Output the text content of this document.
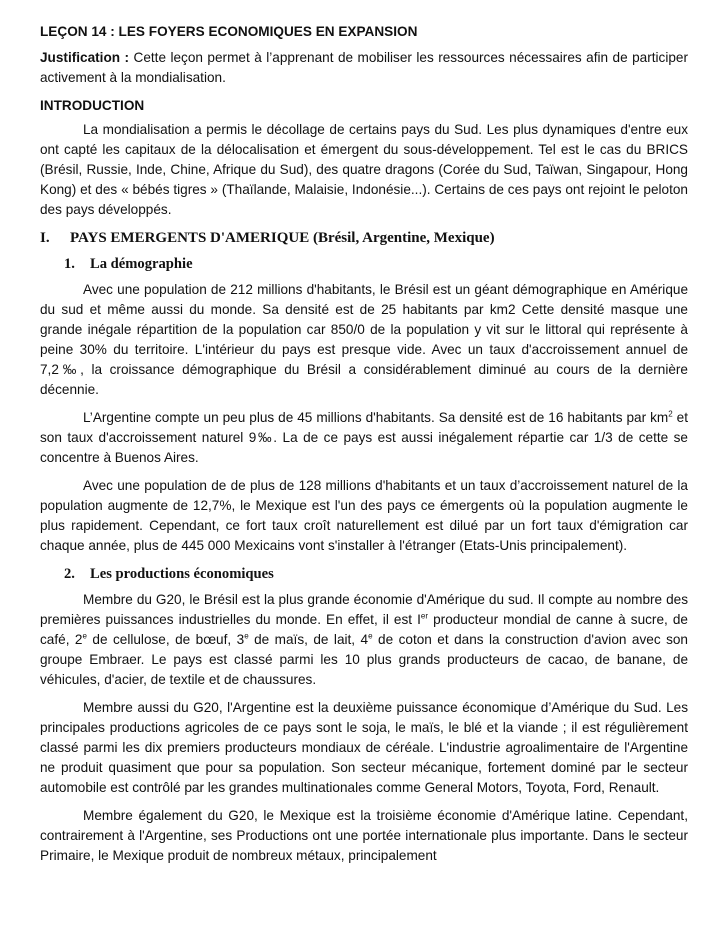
LEÇON 14 : LES FOYERS ECONOMIQUES EN EXPANSION
Justification : Cette leçon permet à l’apprenant de mobiliser les ressources nécessaires afin de participer activement à la mondialisation.
INTRODUCTION

La mondialisation a permis le décollage de certains pays du Sud. Les plus dynamiques d'entre eux ont capté les capitaux de la délocalisation et émergent du sous-développement. Tel est le cas du BRICS (Brésil, Russie, Inde, Chine, Afrique du Sud), des quatre dragons (Corée du Sud, Taïwan, Singapour, Hong Kong) et des « bébés tigres » (Thaïlande, Malaisie, Indonésie...). Certains de ces pays ont rejoint le peloton des pays développés.

I. PAYS EMERGENTS D'AMERIQUE (Brésil, Argentine, Mexique)
1. La démographie

Avec une population de 212 millions d'habitants, le Brésil est un géant démographique en Amérique du sud et même aussi du monde. Sa densité est de 25 habitants par km2 Cette densité masque une grande inégale répartition de la population car 850/0 de la population y vit sur le littoral qui représente à peine 30% du territoire. L'intérieur du pays est presque vide. Avec un taux d'accroissement annuel de 7,2‰, la croissance démographique du Brésil a considérablement diminué au cours de la dernière décennie.

L’Argentine compte un peu plus de 45 millions d'habitants. Sa densité est de 16 habitants par $km^2$ et son taux d'accroissement naturel 9‰. La de ce pays est aussi inégalement répartie car 1/3 de cette se concentre à Buenos Aires.

Avec une population de de plus de 128 millions d'habitants et un taux d’accroissement naturel de la population augmente de 12,7%, le Mexique est l'un des pays ce émergents où la population augmente le plus rapidement. Cependant, ce fort taux croît naturellement est dilué par un fort taux d'émigration car chaque année, plus de 445 000 Mexicains vont s'installer à l'étranger (Etats-Unis principalement).

2. Les productions économiques

Membre du G20, le Brésil est la plus grande économie d'Amérique du sud. Il compte au nombre des premières puissances industrielles du monde. En effet, il est Ier producteur mondial de canne à sucre, de café, 2e de cellulose, de bœuf, 3e de maïs, de lait, 4e de coton et dans la construction d'avion avec son groupe Embraer. Le pays est classé parmi les 10 plus grands producteurs de cacao, de banane, de véhicules, d'acier, de textile et de chaussures.

Membre aussi du G20, l'Argentine est la deuxième puissance économique d’Amérique du Sud. Les principales productions agricoles de ce pays sont le soja, le maïs, le blé et la viande ; il est régulièrement classé parmi les dix premiers producteurs mondiaux de céréale. L'industrie agroalimentaire de l'Argentine ne produit quasiment que pour sa population. Son secteur mécanique, fortement dominé par le secteur automobile est contrôlé par les grandes multinationales comme General Motors, Toyota, Ford, Renault.

Membre également du G20, le Mexique est la troisième économie d'Amérique latine. Cependant, contrairement à l'Argentine, ses Productions ont une portée internationale plus importante. Dans le secteur Primaire, le Mexique produit de nombreux métaux, principalement
